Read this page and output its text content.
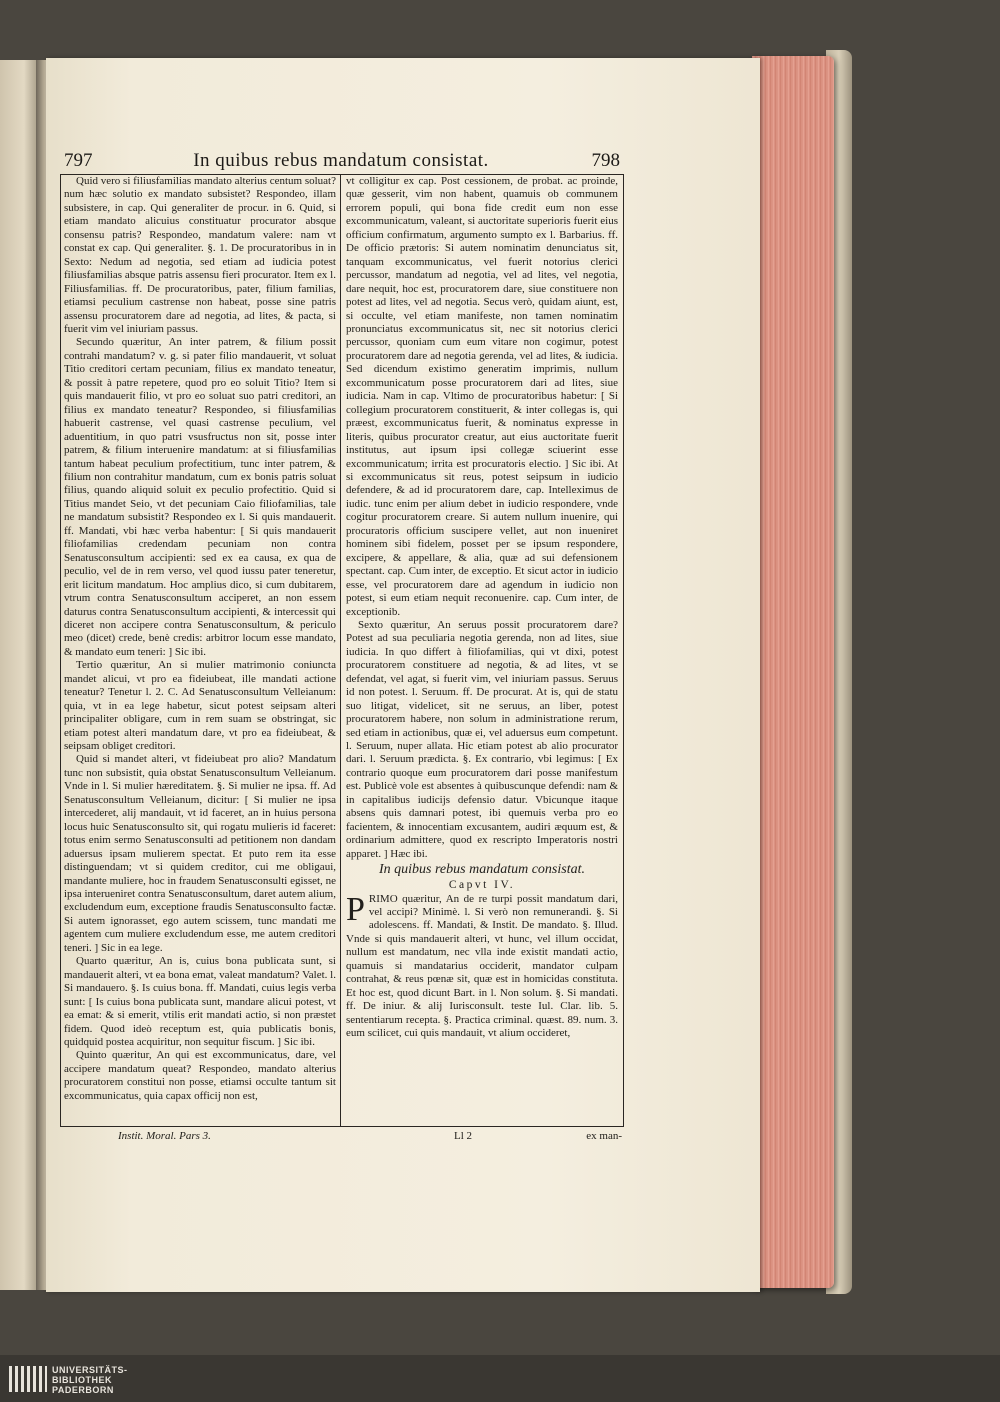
797	In quibus rebus mandatum consistat.	798

Quid vero si filiusfamilias mandato alterius centum soluat? num hæc solutio ex mandato subsistet? Respondeo, illam subsistere, in cap. Qui generaliter de procur. in 6. Quid, si etiam mandato alicuius constituatur procurator absque consensu patris? Respondeo, mandatum valere: nam vt constat ex cap. Qui generaliter. §. 1. De procuratoribus in in Sexto: Nedum ad negotia, sed etiam ad iudicia potest filiusfamilias absque patris assensu fieri procurator. Item ex l. Filiusfamilias. ff. De procuratoribus, pater, filium familias, etiamsi peculium castrense non habeat, posse sine patris assensu procuratorem dare ad negotia, ad lites, & pacta, si fuerit vim vel iniuriam passus.

Secundo quæritur, An inter patrem, & filium possit contrahi mandatum? v. g. si pater filio mandauerit, vt soluat Titio creditori certam pecuniam, filius ex mandato teneatur, & possit à patre repetere, quod pro eo soluit Titio? Item si quis mandauerit filio, vt pro eo soluat suo patri creditori, an filius ex mandato teneatur? Respondeo, si filiusfamilias habuerit castrense, vel quasi castrense peculium, vel aduentitium, in quo patri vsusfructus non sit, posse inter patrem, & filium interuenire mandatum: at si filiusfamilias tantum habeat peculium profectitium, tunc inter patrem, & filium non contrahitur mandatum, cum ex bonis patris soluat filius, quando aliquid soluit ex peculio profectitio. Quid si Titius mandet Seio, vt det pecuniam Caio filiofamilias, tale ne mandatum subsistit? Respondeo ex l. Si quis mandauerit. ff. Mandati, vbi hæc verba habentur: [ Si quis mandauerit filiofamilias credendam pecuniam non contra Senatusconsultum accipienti: sed ex ea causa, ex qua de peculio, vel de in rem verso, vel quod iussu pater teneretur, erit licitum mandatum. Hoc amplius dico, si cum dubitarem, vtrum contra Senatusconsultum acciperet, an non essem daturus contra Senatusconsultum accipienti, & intercessit qui diceret non accipere contra Senatusconsultum, & periculo meo (dicet) crede, benè credis: arbitror locum esse mandato, & mandato eum teneri: ] Sic ibi.

Tertio quæritur, An si mulier matrimonio coniuncta mandet alicui, vt pro ea fideiubeat, ille mandati actione teneatur? Tenetur l. 2. C. Ad Senatusconsultum Velleianum: quia, vt in ea lege habetur, sicut potest seipsam alteri principaliter obligare, cum in rem suam se obstringat, sic etiam potest alteri mandatum dare, vt pro ea fideiubeat, & seipsam obliget creditori.

Quid si mandet alteri, vt fideiubeat pro alio? Mandatum tunc non subsistit, quia obstat Senatusconsultum Velleianum. Vnde in l. Si mulier hæreditatem. §. Si mulier ne ipsa. ff. Ad Senatusconsultum Velleianum, dicitur: [ Si mulier ne ipsa intercederet, alij mandauit, vt id faceret, an in huius persona locus huic Senatusconsulto sit, qui rogatu mulieris id faceret: totus enim sermo Senatusconsulti ad petitionem non dandam aduersus ipsam mulierem spectat. Et puto rem ita esse distinguendam; vt si quidem creditor, cui me obligaui, mandante muliere, hoc in fraudem Senatusconsulti egisset, ne ipsa interueniret contra Senatusconsultum, daret autem alium, excludendum eum, exceptione fraudis Senatusconsulto factæ. Si autem ignorasset, ego autem scissem, tunc mandati me agentem cum muliere excludendum esse, me autem creditori teneri. ] Sic in ea lege.

Quarto quæritur, An is, cuius bona publicata sunt, si mandauerit alteri, vt ea bona emat, valeat mandatum? Valet. l. Si mandauero. §. Is cuius bona. ff. Mandati, cuius legis verba sunt: [ Is cuius bona publicata sunt, mandare alicui potest, vt ea emat: & si emerit, vtilis erit mandati actio, si non præstet fidem. Quod ideò receptum est, quia publicatis bonis, quidquid postea acquiritur, non sequitur fiscum. ] Sic ibi.

Quinto quæritur, An qui est excommunicatus, dare, vel accipere mandatum queat? Respondeo, mandato alterius procuratorem constitui non posse, etiamsi occulte tantum sit excommunicatus, quia capax officij non est,

vt colligitur ex cap. Post cessionem, de probat. ac proinde, quæ gesserit, vim non habent, quamuis ob communem errorem populi, qui bona fide credit eum non esse excommunicatum, valeant, si auctoritate superioris fuerit eius officium confirmatum, argumento sumpto ex l. Barbarius. ff. De officio prætoris: Si autem nominatim denunciatus sit, tanquam excommunicatus, vel fuerit notorius clerici percussor, mandatum ad negotia, vel ad lites, vel negotia, dare nequit, hoc est, procuratorem dare, siue constituere non potest ad lites, vel ad negotia. Secus verò, quidam aiunt, est, si occulte, vel etiam manifeste, non tamen nominatim pronunciatus excommunicatus sit, nec sit notorius clerici percussor, quoniam cum eum vitare non cogimur, potest procuratorem dare ad negotia gerenda, vel ad lites, & iudicia. Sed dicendum existimo generatim imprimis, nullum excommunicatum posse procuratorem dari ad lites, siue iudicia. Nam in cap. Vltimo de procuratoribus habetur: [ Si collegium procuratorem constituerit, & inter collegas is, qui præest, excommunicatus fuerit, & nominatus expresse in literis, quibus procurator creatur, aut eius auctoritate fuerit institutus, aut ipsum ipsi collegæ sciuerint esse excommunicatum; irrita est procuratoris electio. ] Sic ibi. At si excommunicatus sit reus, potest seipsum in iudicio defendere, & ad id procuratorem dare, cap. Intelleximus de iudic. tunc enim per alium debet in iudicio respondere, vnde cogitur procuratorem creare. Si autem nullum inuenire, qui procuratoris officium suscipere vellet, aut non inueniret hominem sibi fidelem, posset per se ipsum respondere, excipere, & appellare, & alia, quæ ad sui defensionem spectant. cap. Cum inter, de exceptio. Et sicut actor in iudicio esse, vel procuratorem dare ad agendum in iudicio non potest, si eum etiam nequit reconuenire. cap. Cum inter, de exceptionib.

Sexto quæritur, An seruus possit procuratorem dare? Potest ad sua peculiaria negotia gerenda, non ad lites, siue iudicia. In quo differt à filiofamilias, qui vt dixi, potest procuratorem constituere ad negotia, & ad lites, vt se defendat, vel agat, si fuerit vim, vel iniuriam passus. Seruus id non potest. l. Seruum. ff. De procurat. At is, qui de statu suo litigat, videlicet, sit ne seruus, an liber, potest procuratorem habere, non solum in administratione rerum, sed etiam in actionibus, quæ ei, vel aduersus eum competunt. l. Seruum, nuper allata. Hic etiam potest ab alio procurator dari. l. Seruum prædicta. §. Ex contrario, vbi legimus: [ Ex contrario quoque eum procuratorem dari posse manifestum est. Publicè vole est absentes à quibuscunque defendi: nam & in capitalibus iudicijs defensio datur. Vbicunque itaque absens quis damnari potest, ibi quemuis verba pro eo facientem, & innocentiam excusantem, audiri æquum est, & ordinarium admittere, quod ex rescripto Imperatoris nostri apparet. ] Hæc ibi.

In quibus rebus mandatum consistat.

Capvt IV.

PRIMO quæritur, An de re turpi possit mandatum dari, vel accipi? Minimè. l. Si verò non remunerandi. §. Si adolescens. ff. Mandati, & Instit. De mandato. §. Illud. Vnde si quis mandauerit alteri, vt hunc, vel illum occidat, nullum est mandatum, nec vlla inde existit mandati actio, quamuis si mandatarius occiderit, mandator culpam contrahat, & reus pœnæ sit, quæ est in homicidas constituta. Et hoc est, quod dicunt Bart. in l. Non solum. §. Si mandati. ff. De iniur. & alij Iurisconsult. teste Iul. Clar. lib. 5. sententiarum recepta. §. Practica criminal. quæst. 89. num. 3. eum scilicet, cui quis mandauit, vt alium occideret,

Instit. Moral. Pars 3.	Ll 2	ex man-
UNIVERSITÄTS-
BIBLIOTHEK
PADERBORN
